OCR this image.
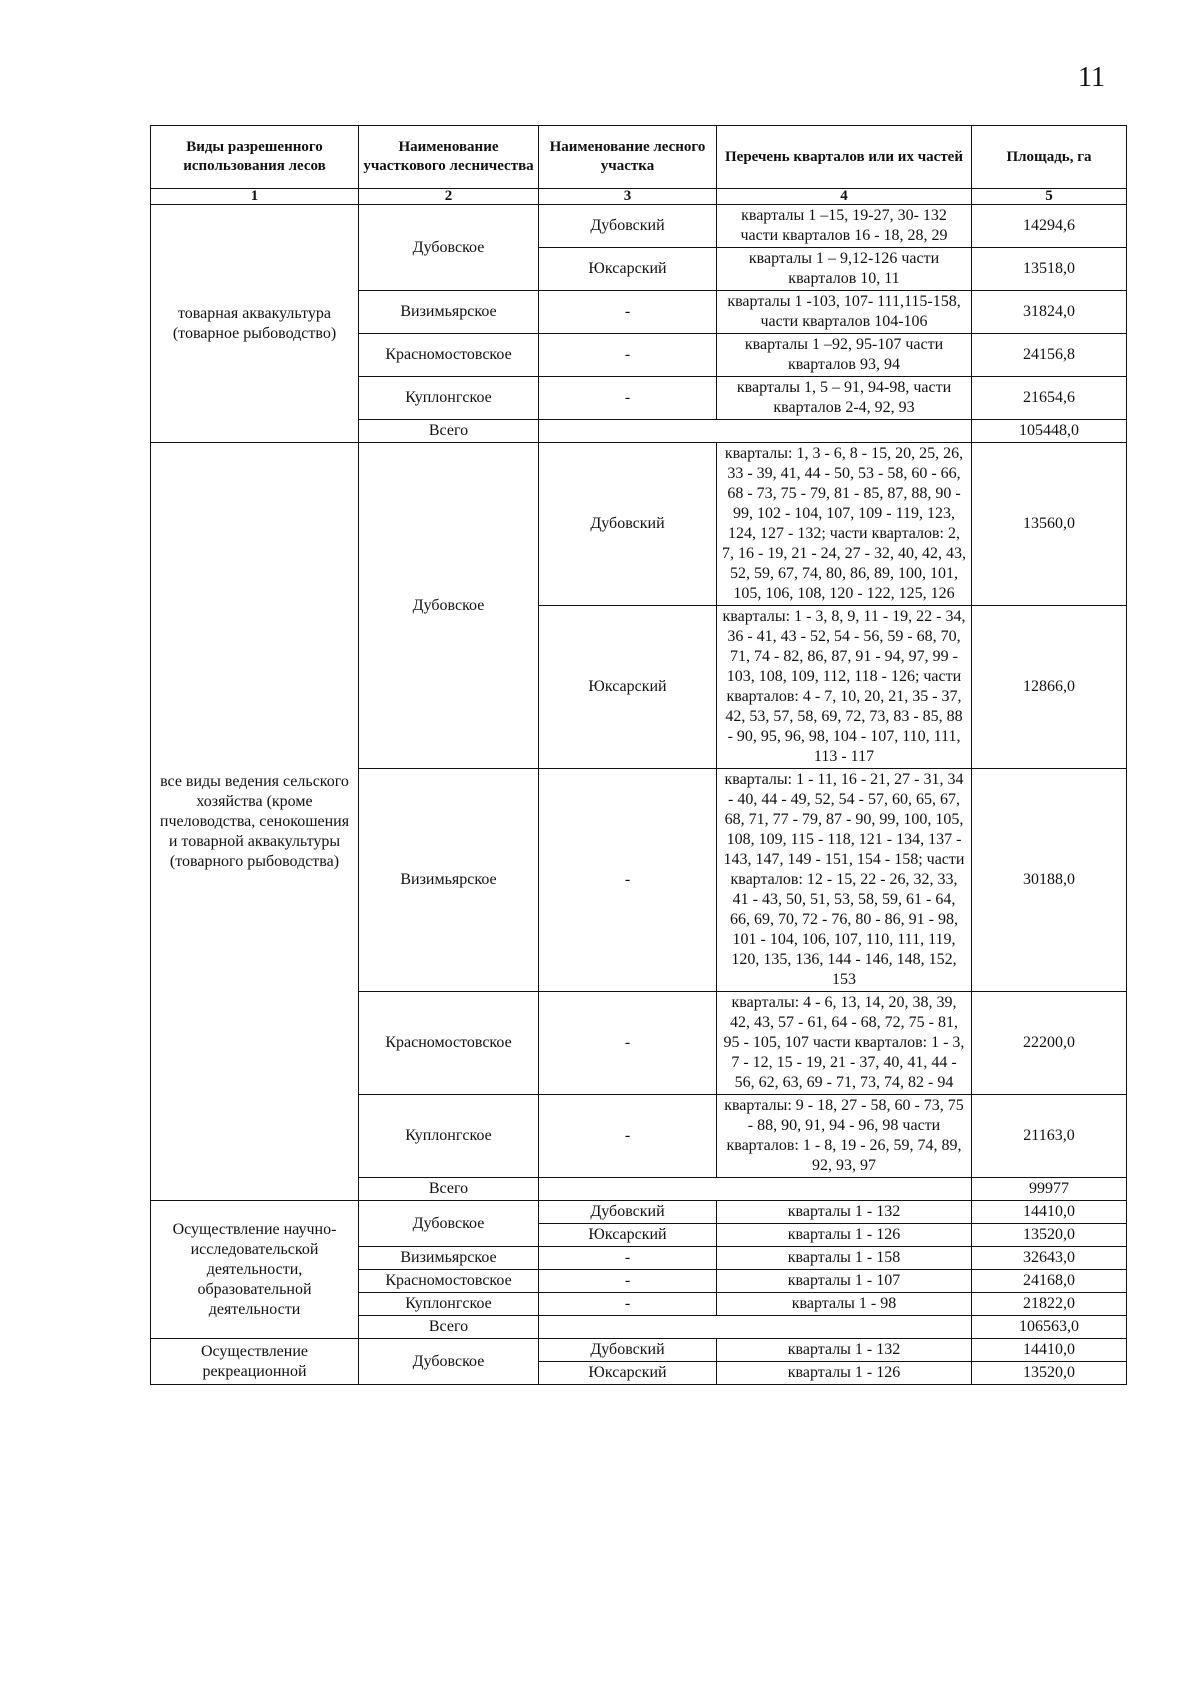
11
Виды разрешенного использования лесов	Наименование участкового лесничества	Наименование лесного участка	Перечень кварталов или их частей	Площадь, га
1	2	3	4	5
товарная аквакультура (товарное рыбоводство)	Дубовское	Дубовский	кварталы 1 –15, 19-27, 30- 132 части кварталов 16 - 18, 28, 29	14294,6
		Юксарский	кварталы 1 – 9,12-126 части кварталов 10, 11	13518,0
	Визимьярское	-	кварталы 1 -103, 107- 111,115-158, части кварталов 104-106	31824,0
	Красномостовское	-	кварталы 1 –92, 95-107 части кварталов 93, 94	24156,8
	Куплонгское	-	кварталы 1, 5 – 91, 94-98, части кварталов 2-4, 92, 93	21654,6
	Всего			105448,0
все виды ведения сельского хозяйства (кроме пчеловодства, сенокошения и товарной аквакультуры (товарного рыбоводства)	Дубовское	Дубовский	кварталы: 1, 3 - 6, 8 - 15, 20, 25, 26, 33 - 39, 41, 44 - 50, 53 - 58, 60 - 66, 68 - 73, 75 - 79, 81 - 85, 87, 88, 90 - 99, 102 - 104, 107, 109 - 119, 123, 124, 127 - 132; части кварталов: 2, 7, 16 - 19, 21 - 24, 27 - 32, 40, 42, 43, 52, 59, 67, 74, 80, 86, 89, 100, 101, 105, 106, 108, 120 - 122, 125, 126	13560,0
		Юксарский	кварталы: 1 - 3, 8, 9, 11 - 19, 22 - 34, 36 - 41, 43 - 52, 54 - 56, 59 - 68, 70, 71, 74 - 82, 86, 87, 91 - 94, 97, 99 - 103, 108, 109, 112, 118 - 126; части кварталов: 4 - 7, 10, 20, 21, 35 - 37, 42, 53, 57, 58, 69, 72, 73, 83 - 85, 88 - 90, 95, 96, 98, 104 - 107, 110, 111, 113 - 117	12866,0
	Визимьярское	-	кварталы: 1 - 11, 16 - 21, 27 - 31, 34 - 40, 44 - 49, 52, 54 - 57, 60, 65, 67, 68, 71, 77 - 79, 87 - 90, 99, 100, 105, 108, 109, 115 - 118, 121 - 134, 137 - 143, 147, 149 - 151, 154 - 158; части кварталов: 12 - 15, 22 - 26, 32, 33, 41 - 43, 50, 51, 53, 58, 59, 61 - 64, 66, 69, 70, 72 - 76, 80 - 86, 91 - 98, 101 - 104, 106, 107, 110, 111, 119, 120, 135, 136, 144 - 146, 148, 152, 153	30188,0
	Красномостовское	-	кварталы: 4 - 6, 13, 14, 20, 38, 39, 42, 43, 57 - 61, 64 - 68, 72, 75 - 81, 95 - 105, 107 части кварталов: 1 - 3, 7 - 12, 15 - 19, 21 - 37, 40, 41, 44 - 56, 62, 63, 69 - 71, 73, 74, 82 - 94	22200,0
	Куплонгское	-	кварталы: 9 - 18, 27 - 58, 60 - 73, 75 - 88, 90, 91, 94 - 96, 98 части кварталов: 1 - 8, 19 - 26, 59, 74, 89, 92, 93, 97	21163,0
	Всего			99977
Осуществление научно-исследовательской деятельности, образовательной деятельности	Дубовское	Дубовский	кварталы 1 - 132	14410,0
		Юксарский	кварталы 1 - 126	13520,0
	Визимьярское	-	кварталы 1 - 158	32643,0
	Красномостовское	-	кварталы 1 - 107	24168,0
	Куплонгское	-	кварталы 1 - 98	21822,0
	Всего			106563,0
Осуществление рекреационной	Дубовское	Дубовский	кварталы 1 - 132	14410,0
		Юксарский	кварталы 1 - 126	13520,0
